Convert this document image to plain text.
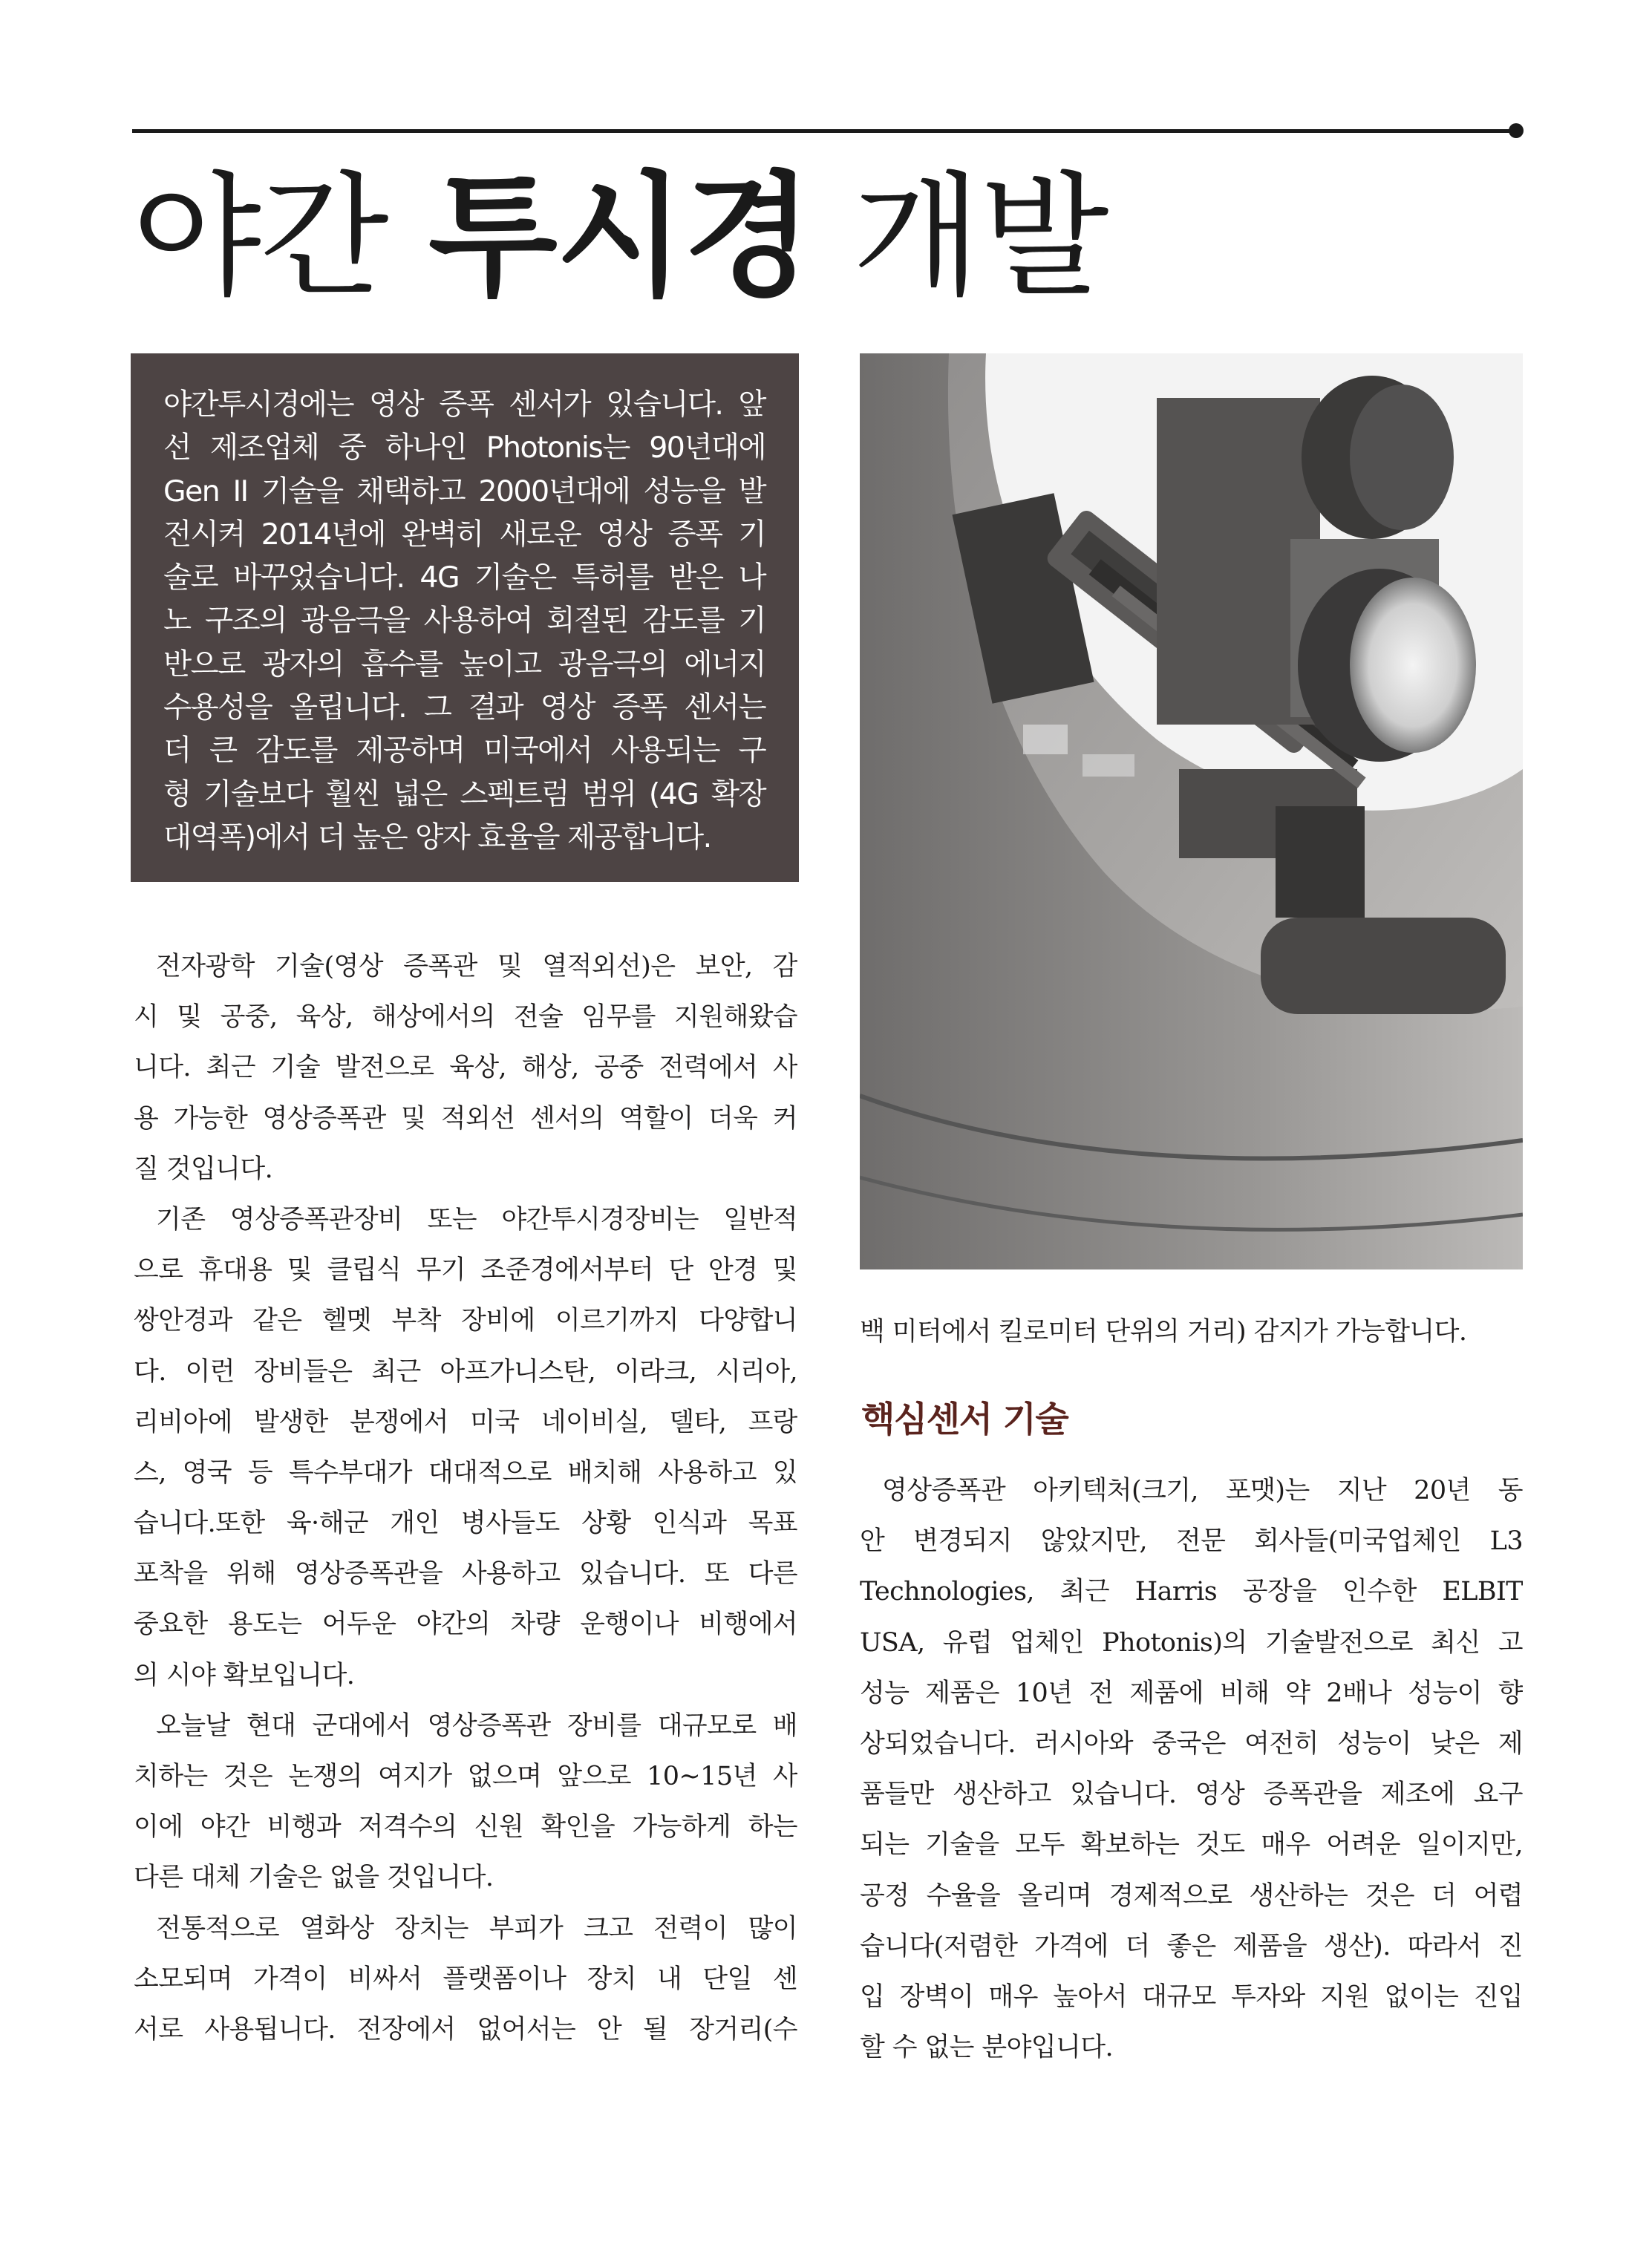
야간 투시경 개발

야간투시경에는 영상 증폭 센서가 있습니다. 앞
선 제조업체 중 하나인 Photonis는 90년대에
Gen II 기술을 채택하고 2000년대에 성능을 발
전시켜 2014년에 완벽히 새로운 영상 증폭 기
술로 바꾸었습니다. 4G 기술은 특허를 받은 나
노 구조의 광음극을 사용하여 회절된 감도를 기
반으로 광자의 흡수를 높이고 광음극의 에너지
수용성을 올립니다. 그 결과 영상 증폭 센서는
더 큰 감도를 제공하며 미국에서 사용되는 구
형 기술보다 훨씬 넓은 스펙트럼 범위 (4G 확장
대역폭)에서 더 높은 양자 효율을 제공합니다.

전자광학 기술(영상 증폭관 및 열적외선)은 보안, 감
시 및 공중, 육상, 해상에서의 전술 임무를 지원해왔습
니다. 최근 기술 발전으로 육상, 해상, 공중 전력에서 사
용 가능한 영상증폭관 및 적외선 센서의 역할이 더욱 커
질 것입니다.
기존 영상증폭관장비 또는 야간투시경장비는 일반적
으로 휴대용 및 클립식 무기 조준경에서부터 단 안경 및
쌍안경과 같은 헬멧 부착 장비에 이르기까지 다양합니
다. 이런 장비들은 최근 아프가니스탄, 이라크, 시리아,
리비아에 발생한 분쟁에서 미국 네이비실, 델타, 프랑
스, 영국 등 특수부대가 대대적으로 배치해 사용하고 있
습니다.또한 육·해군 개인 병사들도 상황 인식과 목표
포착을 위해 영상증폭관을 사용하고 있습니다. 또 다른
중요한 용도는 어두운 야간의 차량 운행이나 비행에서
의 시야 확보입니다.
오늘날 현대 군대에서 영상증폭관 장비를 대규모로 배
치하는 것은 논쟁의 여지가 없으며 앞으로 10~15년 사
이에 야간 비행과 저격수의 신원 확인을 가능하게 하는
다른 대체 기술은 없을 것입니다.
전통적으로 열화상 장치는 부피가 크고 전력이 많이
소모되며 가격이 비싸서 플랫폼이나 장치 내 단일 센
서로 사용됩니다. 전장에서 없어서는 안 될 장거리(수
백 미터에서 킬로미터 단위의 거리) 감지가 가능합니다.
핵심센서 기술
영상증폭관 아키텍처(크기, 포맷)는 지난 20년 동
안 변경되지 않았지만, 전문 회사들(미국업체인 L3
Technologies, 최근 Harris 공장을 인수한 ELBIT
USA, 유럽 업체인 Photonis)의 기술발전으로 최신 고
성능 제품은 10년 전 제품에 비해 약 2배나 성능이 향
상되었습니다. 러시아와 중국은 여전히 성능이 낮은 제
품들만 생산하고 있습니다. 영상 증폭관을 제조에 요구
되는 기술을 모두 확보하는 것도 매우 어려운 일이지만,
공정 수율을 올리며 경제적으로 생산하는 것은 더 어렵
습니다(저렴한 가격에 더 좋은 제품을 생산). 따라서 진
입 장벽이 매우 높아서 대규모 투자와 지원 없이는 진입
할 수 없는 분야입니다.
